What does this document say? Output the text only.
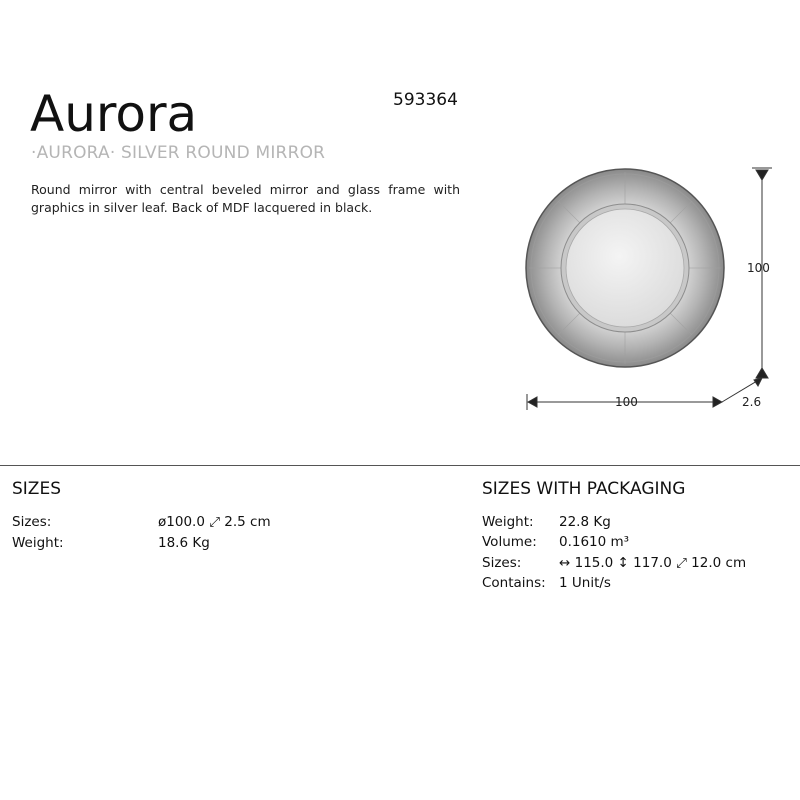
Aurora	593364
·AURORA· SILVER ROUND MIRROR
Round mirror with central beveled mirror and glass frame with graphics in silver leaf. Back of MDF lacquered in black.
100
100	2.6
SIZES
Sizes:	ø100.0 ⤢ 2.5 cm
Weight:	18.6 Kg
SIZES WITH PACKAGING
Weight: 22.8 Kg
Volume: 0.1610 m³
Sizes:	↔ 115.0 ↕ 117.0 ⤢ 12.0 cm
Contains: 1 Unit/s
